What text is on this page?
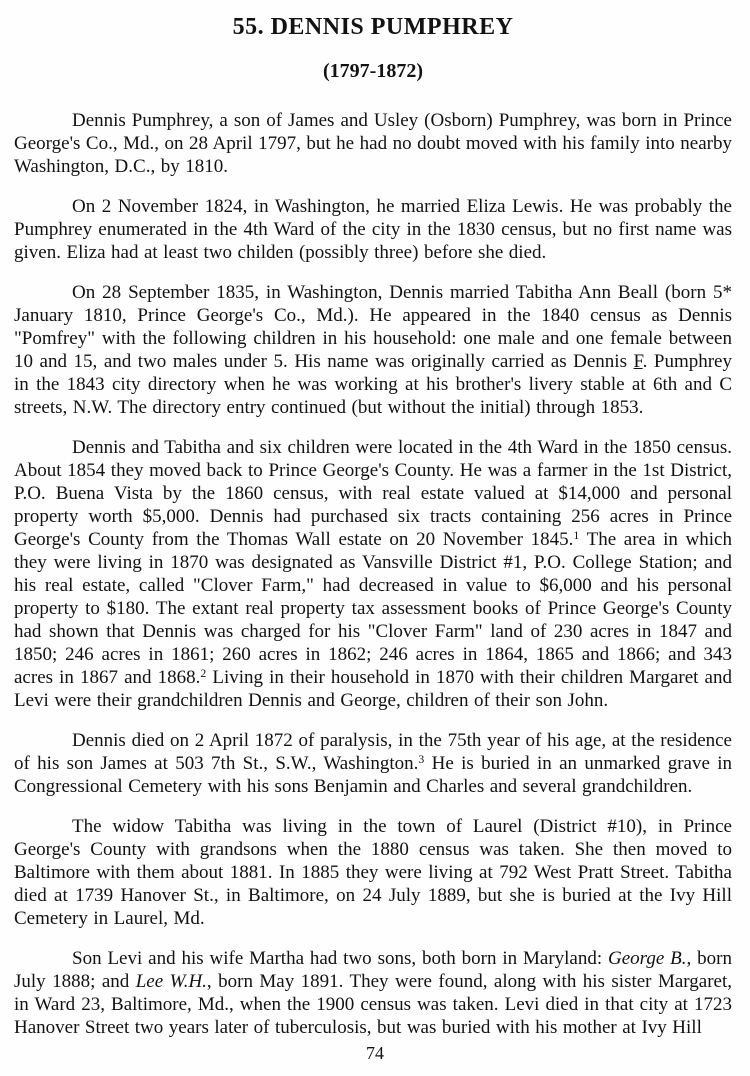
55. DENNIS PUMPHREY
(1797-1872)

Dennis Pumphrey, a son of James and Usley (Osborn) Pumphrey, was born in Prince George's Co., Md., on 28 April 1797, but he had no doubt moved with his family into nearby Washington, D.C., by 1810.

On 2 November 1824, in Washington, he married Eliza Lewis. He was probably the Pumphrey enumerated in the 4th Ward of the city in the 1830 census, but no first name was given. Eliza had at least two childen (possibly three) before she died.

On 28 September 1835, in Washington, Dennis married Tabitha Ann Beall (born 5* January 1810, Prince George's Co., Md.). He appeared in the 1840 census as Dennis "Pomfrey" with the following children in his household: one male and one female between 10 and 15, and two males under 5. His name was originally carried as Dennis F. Pumphrey in the 1843 city directory when he was working at his brother's livery stable at 6th and C streets, N.W. The directory entry continued (but without the initial) through 1853.

Dennis and Tabitha and six children were located in the 4th Ward in the 1850 census. About 1854 they moved back to Prince George's County. He was a farmer in the 1st District, P.O. Buena Vista by the 1860 census, with real estate valued at $14,000 and personal property worth $5,000. Dennis had purchased six tracts containing 256 acres in Prince George's County from the Thomas Wall estate on 20 November 1845.$^1$ The area in which they were living in 1870 was designated as Vansville District #1, P.O. College Station; and his real estate, called "Clover Farm," had decreased in value to $6,000 and his personal property to $180. The extant real property tax assessment books of Prince George's County had shown that Dennis was charged for his "Clover Farm" land of 230 acres in 1847 and 1850; 246 acres in 1861; 260 acres in 1862; 246 acres in 1864, 1865 and 1866; and 343 acres in 1867 and 1868.$^2$ Living in their household in 1870 with their children Margaret and Levi were their grandchildren Dennis and George, children of their son John.

Dennis died on 2 April 1872 of paralysis, in the 75th year of his age, at the residence of his son James at 503 7th St., S.W., Washington.$^3$ He is buried in an unmarked grave in Congressional Cemetery with his sons Benjamin and Charles and several grandchildren.

The widow Tabitha was living in the town of Laurel (District #10), in Prince George's County with grandsons when the 1880 census was taken. She then moved to Baltimore with them about 1881. In 1885 they were living at 792 West Pratt Street. Tabitha died at 1739 Hanover St., in Baltimore, on 24 July 1889, but she is buried at the Ivy Hill Cemetery in Laurel, Md.

Son Levi and his wife Martha had two sons, both born in Maryland: George B., born July 1888; and Lee W.H., born May 1891. They were found, along with his sister Margaret, in Ward 23, Baltimore, Md., when the 1900 census was taken. Levi died in that city at 1723 Hanover Street two years later of tuberculosis, but was buried with his mother at Ivy Hill

74
